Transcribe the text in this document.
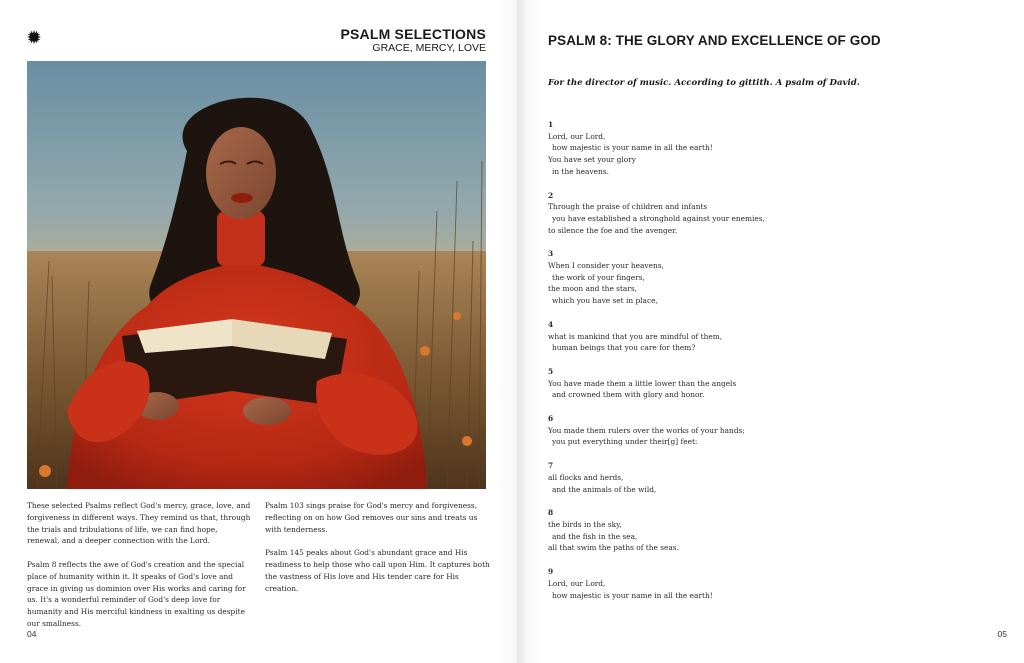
PSALM SELECTIONS
GRACE, MERCY, LOVE

These selected Psalms reflect God's mercy, grace, love, and forgiveness in different ways. They remind us that, through the trials and tribulations of life, we can find hope, renewal, and a deeper connection with the Lord.

Psalm 8 reflects the awe of God's creation and the special place of humanity within it. It speaks of God's love and grace in giving us dominion over His works and caring for us. It's a wonderful reminder of God's deep love for humanity and His merciful kindness in exalting us despite our smallness.

Psalm 103 sings praise for God's mercy and forgiveness, reflecting on on how God removes our sins and treats us with tenderness.

Psalm 145 peaks about God's abundant grace and His readiness to help those who call upon Him. It captures both the vastness of His love and His tender care for His creation.

04
PSALM 8: THE GLORY AND EXCELLENCE OF GOD
For the director of music. According to gittith. A psalm of David.
1
Lord, our Lord,
how majestic is your name in all the earth!
You have set your glory
in the heavens.
2
Through the praise of children and infants
you have established a stronghold against your enemies,
to silence the foe and the avenger.
3
When I consider your heavens,
the work of your fingers,
the moon and the stars,
which you have set in place,
4
what is mankind that you are mindful of them,
human beings that you care for them?
5
You have made them a little lower than the angels
and crowned them with glory and honor.
6
You made them rulers over the works of your hands;
you put everything under their[g] feet:
7
all flocks and herds,
and the animals of the wild,
8
the birds in the sky,
and the fish in the sea,
all that swim the paths of the seas.
9
Lord, our Lord,
how majestic is your name in all the earth!
05
